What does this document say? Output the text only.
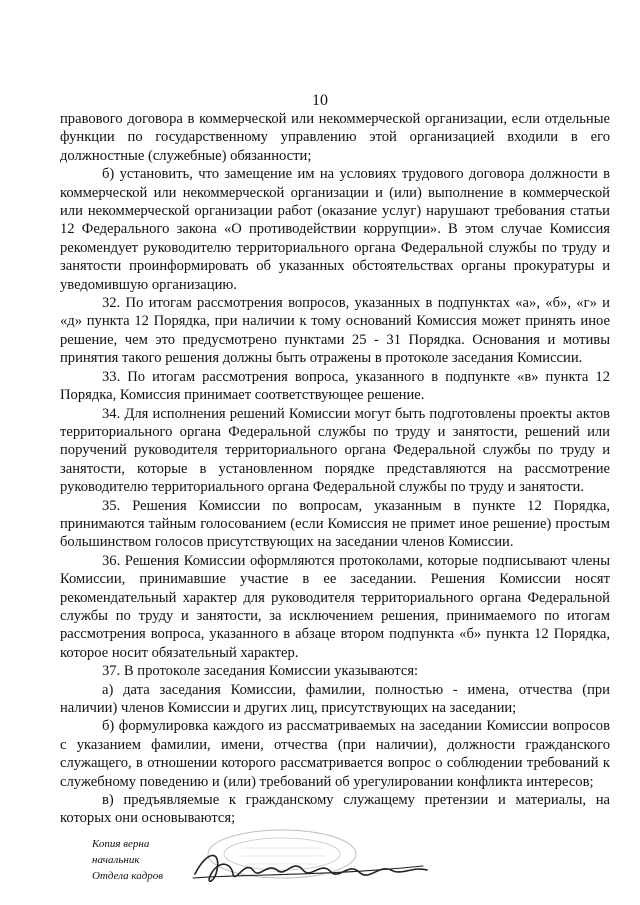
10

правового договора в коммерческой или некоммерческой организации, если отдельные функции по государственному управлению этой организацией входили в его должностные (служебные) обязанности;

б) установить, что замещение им на условиях трудового договора должности в коммерческой или некоммерческой организации и (или) выполнение в коммерческой или некоммерческой организации работ (оказание услуг) нарушают требования статьи 12 Федерального закона «О противодействии коррупции». В этом случае Комиссия рекомендует руководителю территориального органа Федеральной службы по труду и занятости проинформировать об указанных обстоятельствах органы прокуратуры и уведомившую организацию.

32. По итогам рассмотрения вопросов, указанных в подпунктах «а», «б», «г» и «д» пункта 12 Порядка, при наличии к тому оснований Комиссия может принять иное решение, чем это предусмотрено пунктами 25 - 31 Порядка. Основания и мотивы принятия такого решения должны быть отражены в протоколе заседания Комиссии.

33. По итогам рассмотрения вопроса, указанного в подпункте «в» пункта 12 Порядка, Комиссия принимает соответствующее решение.

34. Для исполнения решений Комиссии могут быть подготовлены проекты актов территориального органа Федеральной службы по труду и занятости, решений или поручений руководителя территориального органа Федеральной службы по труду и занятости, которые в установленном порядке представляются на рассмотрение руководителю территориального органа Федеральной службы по труду и занятости.

35. Решения Комиссии по вопросам, указанным в пункте 12 Порядка, принимаются тайным голосованием (если Комиссия не примет иное решение) простым большинством голосов присутствующих на заседании членов Комиссии.

36. Решения Комиссии оформляются протоколами, которые подписывают члены Комиссии, принимавшие участие в ее заседании. Решения Комиссии носят рекомендательный характер для руководителя территориального органа Федеральной службы по труду и занятости, за исключением решения, принимаемого по итогам рассмотрения вопроса, указанного в абзаце втором подпункта «б» пункта 12 Порядка, которое носит обязательный характер.

37. В протоколе заседания Комиссии указываются:

а) дата заседания Комиссии, фамилии, полностью - имена, отчества (при наличии) членов Комиссии и других лиц, присутствующих на заседании;

б) формулировка каждого из рассматриваемых на заседании Комиссии вопросов с указанием фамилии, имени, отчества (при наличии), должности гражданского служащего, в отношении которого рассматривается вопрос о соблюдении требований к служебному поведению и (или) требований об урегулировании конфликта интересов;

в) предъявляемые к гражданскому служащему претензии и материалы, на которых они основываются;

Копия верна
начальник
Отдела кадров
